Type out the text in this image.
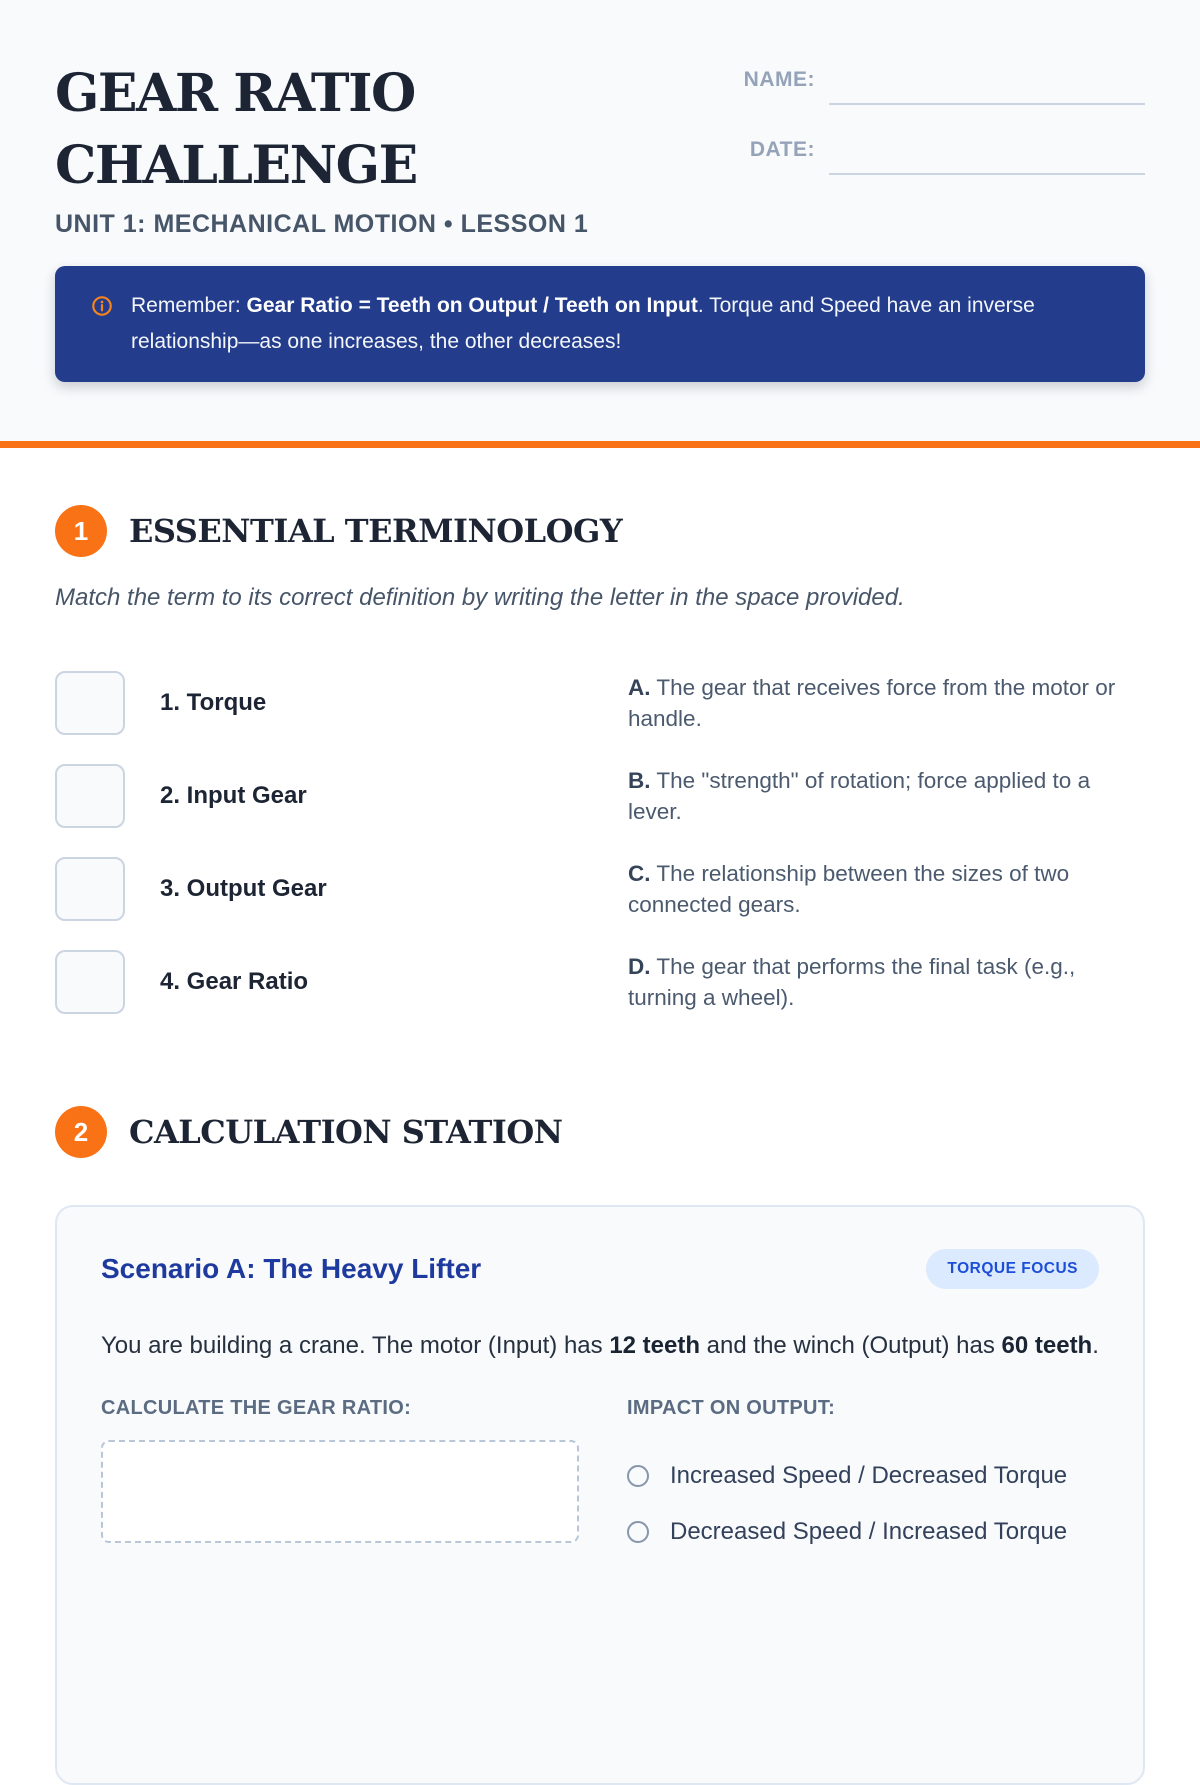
GEAR RATIO
CHALLENGE
UNIT 1: MECHANICAL MOTION • LESSON 1
NAME:
DATE:
Remember: Gear Ratio = Teeth on Output / Teeth on Input. Torque and Speed have an inverse relationship—as one increases, the other decreases!
1	ESSENTIAL TERMINOLOGY
Match the term to its correct definition by writing the letter in the space provided.
1. Torque
A. The gear that receives force from the motor or handle.
2. Input Gear
B. The "strength" of rotation; force applied to a lever.
3. Output Gear
C. The relationship between the sizes of two connected gears.
4. Gear Ratio
D. The gear that performs the final task (e.g., turning a wheel).
2	CALCULATION STATION
Scenario A: The Heavy Lifter	TORQUE FOCUS
You are building a crane. The motor (Input) has 12 teeth and the winch (Output) has 60 teeth.
CALCULATE THE GEAR RATIO:	IMPACT ON OUTPUT:
Increased Speed / Decreased Torque
Decreased Speed / Increased Torque
